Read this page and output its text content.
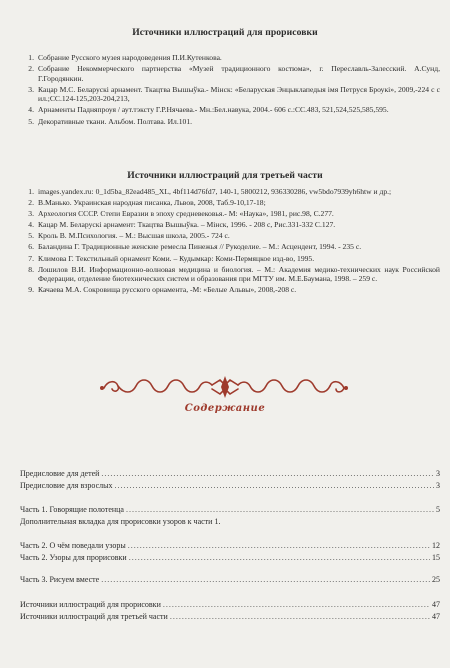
Источники иллюстраций для прорисовки
1. Собрание Русского музея народоведения П.И.Кутенкова.
2. Собрание Некоммерческого партнерства «Музей традиционного костюма», г. Переславль-Залесский. А.Сунд, Г.Городянкин.
3. Кацар М.С. Беларускі арнамент. Ткацтва Вышыўка.- Мінск: «Беларуская Энцыклапедыя імя Петруся Броукі», 2009,-224 с с ил.;СС.124-125,203-204,213,
4. Арнаменты Падняпроуя / аут.тэксту Г.Р.Нячаева.- Мн.:Бел.навука, 2004.- 606 с.:СС.483, 521,524,525,585,595.
5. Декоративные ткани. Альбом. Полтава. Ил.101.
Источники иллюстраций для третьей части
1. images.yandex.ru: 0_1d5ba_82ead485_XL, 4bf114d76fd7, 140-1, 5800212, 936330286, vw5bdo7939yh6htw и др.;
2. В.Манько. Украинская народная писанка, Львов, 2008, Таб.9-10,17-18;
3. Археология СССР. Степи Евразии в эпоху средневековья.- М: «Наука», 1981, рис.98, С.277.
4. Кацар М. Беларускі арнамент: Ткацтва Вышыўка. – Мінск, 1996. - 208 с, Рис.331-332 С.127.
5. Кроль В. М.Психология. – М.: Высшая школа, 2005.- 724 с.
6. Баландина Г. Традиционные женские ремесла Пинежья // Рукоделие. – М.: Асцендент, 1994. - 235 с.
7. Климова Г. Текстильный орнамент Коми. – Кудымкар: Коми-Пермяцкое изд-во, 1995.
8. Лошилов В.И. Информационно-волновая медицина и биология. – М.: Академия медико-технических наук Российской Федерации, отделение биотехнических систем и образования при МГТУ им. М.Е.Баумана, 1998. – 259 с.
9. Качаева М.А. Сокровища русского орнамента, -М: «Белые Альвы», 2008,-208 с.
Содержание
Предисловие для детей .....	3
Предисловие для взрослых .....	3
Часть 1. Говорящие полотенца .....	5
Дополнительная вкладка для прорисовки узоров к части 1.
Часть 2. О чём поведали узоры .....	12
Часть 2. Узоры для прорисовки .....	15
Часть 3. Рисуем вместе .....	25
Источники иллюстраций для прорисовки .....	47
Источники иллюстраций для третьей части .....	47
